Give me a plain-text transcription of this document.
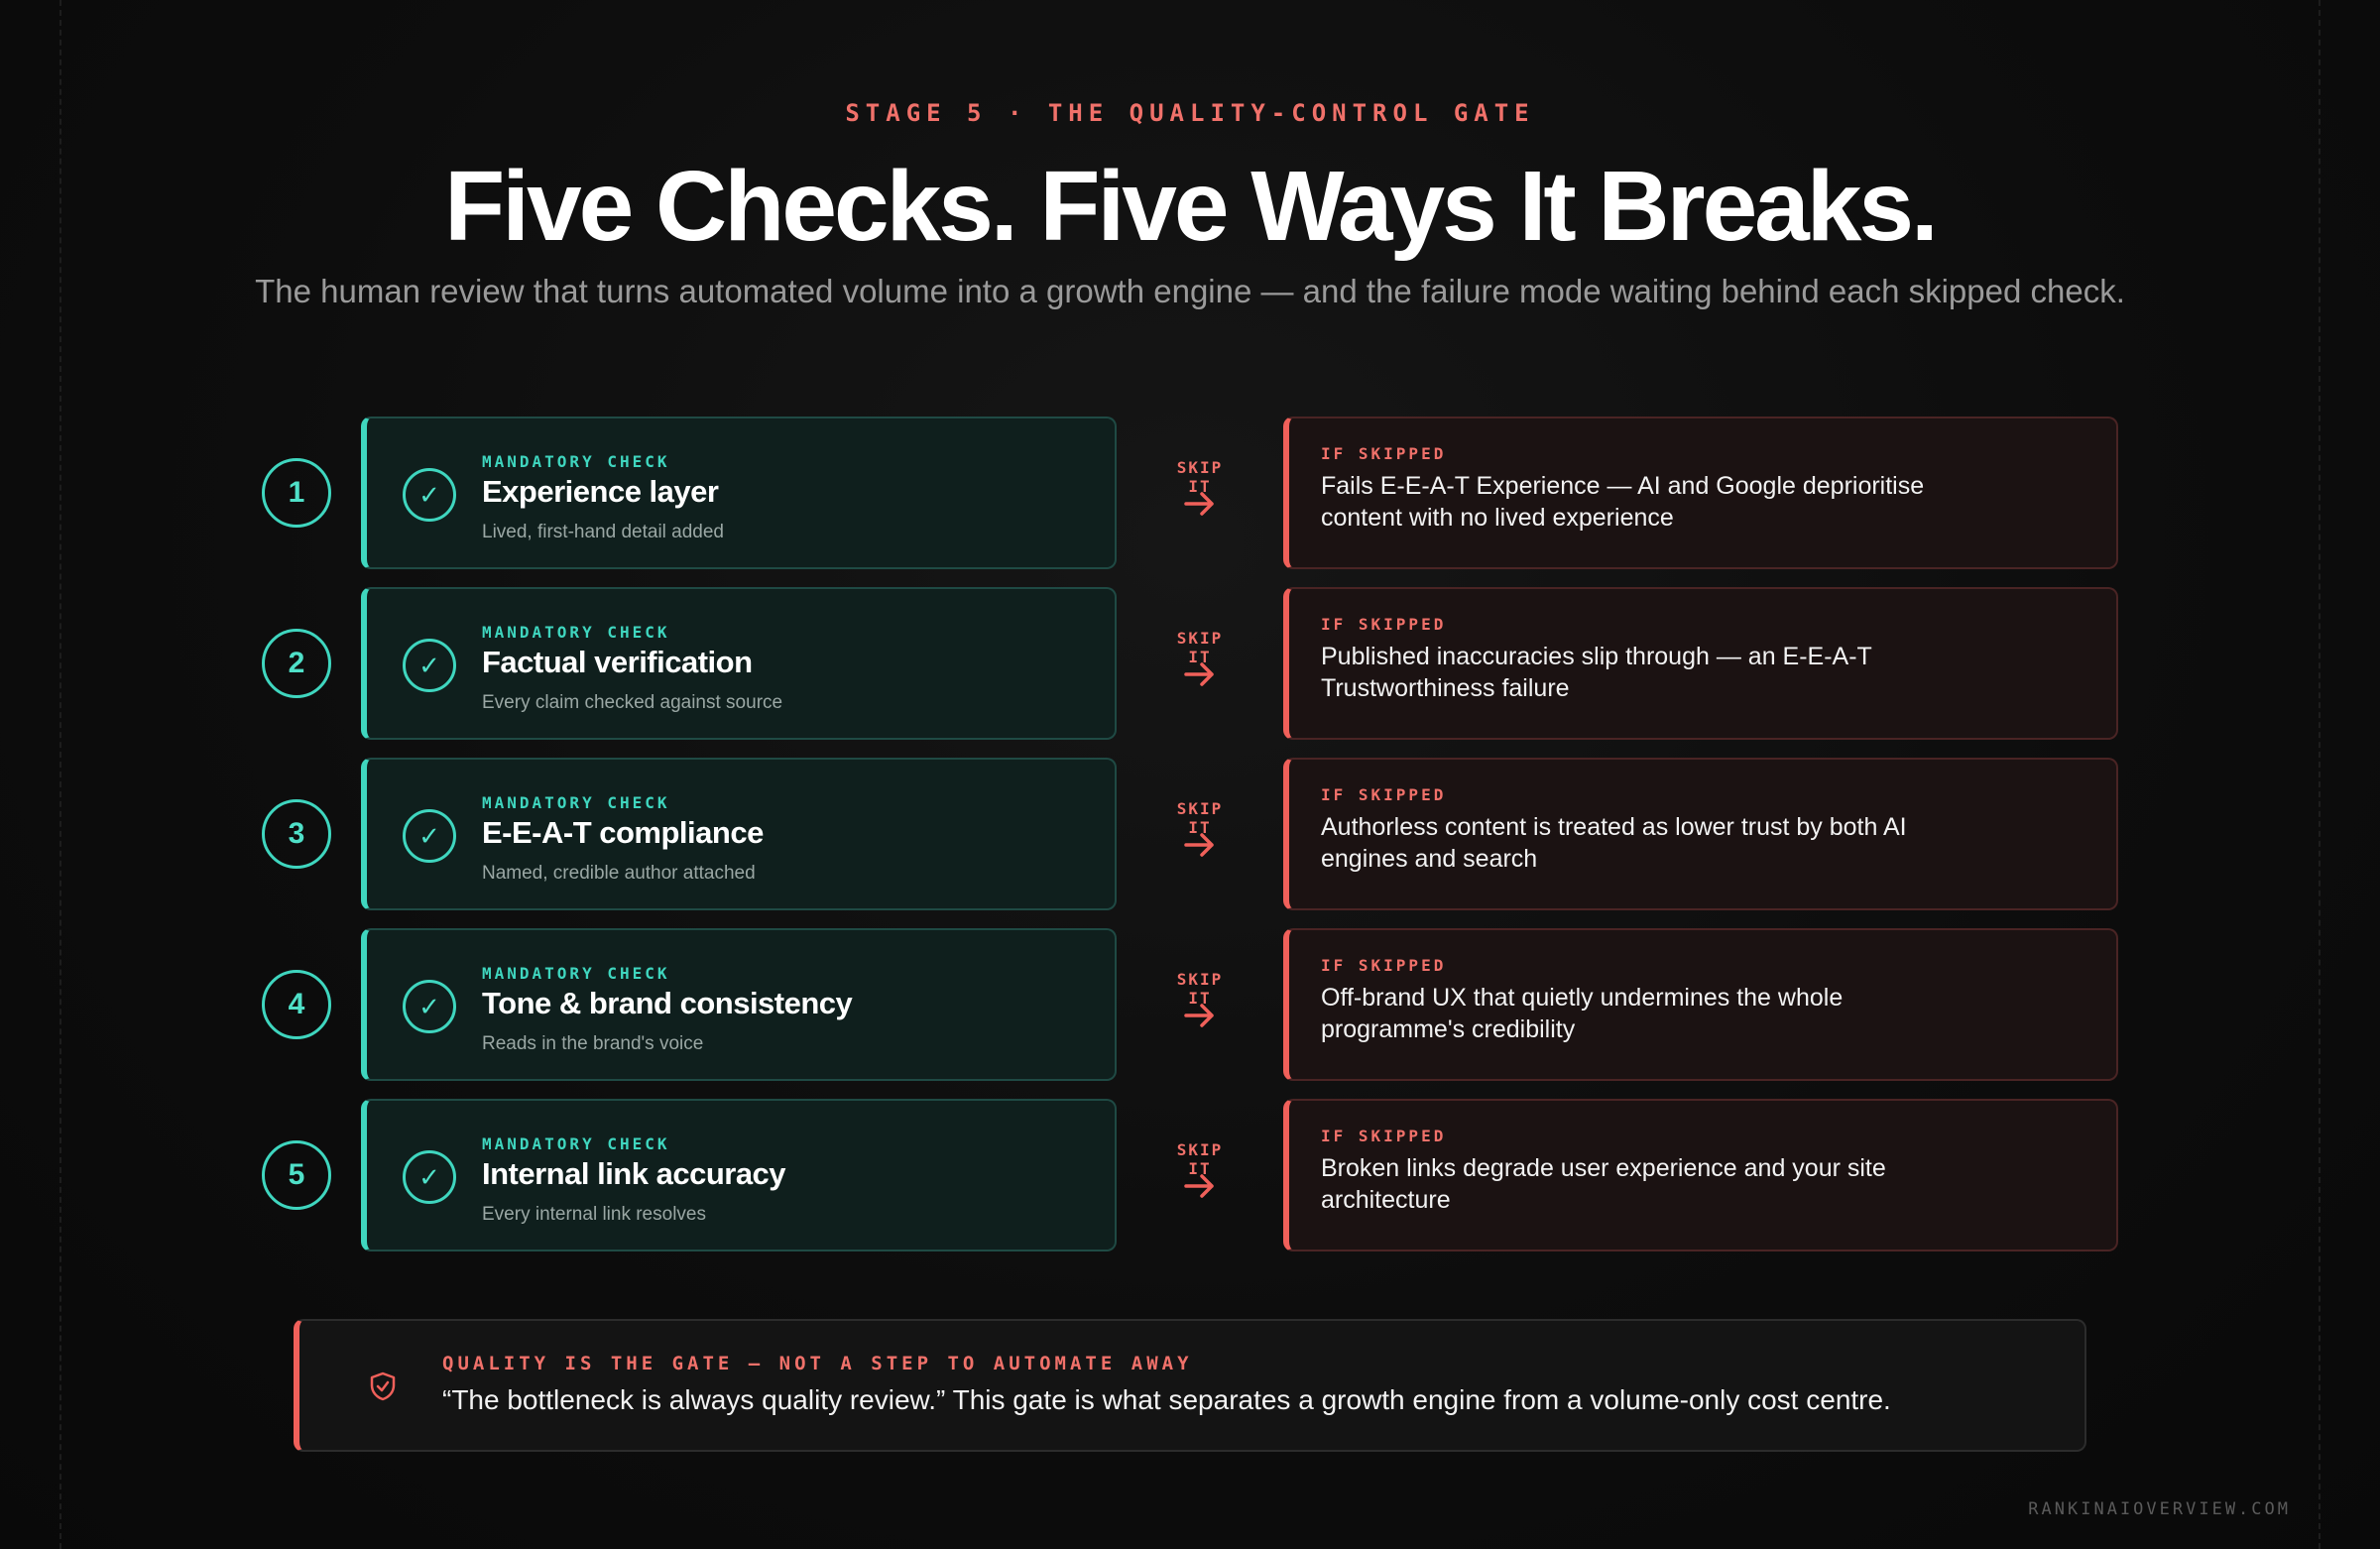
STAGE 5 · THE QUALITY-CONTROL GATE
Five Checks. Five Ways It Breaks.

The human review that turns automated volume into a growth engine — and the failure mode waiting behind each skipped check.

1	✓
MANDATORY CHECK
Experience layer
Lived, first-hand detail added
SKIP IT
IF SKIPPED
Fails E-E-A-T Experience — AI and Google deprioritise content with no lived experience
2	✓
MANDATORY CHECK
Factual verification
Every claim checked against source
SKIP IT
IF SKIPPED
Published inaccuracies slip through — an E-E-A-T Trustworthiness failure
3	✓
MANDATORY CHECK
E-E-A-T compliance
Named, credible author attached
SKIP IT
IF SKIPPED
Authorless content is treated as lower trust by both AI engines and search
4	✓
MANDATORY CHECK
Tone & brand consistency
Reads in the brand's voice
SKIP IT
IF SKIPPED
Off-brand UX that quietly undermines the whole programme's credibility
5	✓
MANDATORY CHECK
Internal link accuracy
Every internal link resolves
SKIP IT
IF SKIPPED
Broken links degrade user experience and your site architecture
QUALITY IS THE GATE — NOT A STEP TO AUTOMATE AWAY
“The bottleneck is always quality review.” This gate is what separates a growth engine from a volume-only cost centre.
RANKINAIOVERVIEW.COM
